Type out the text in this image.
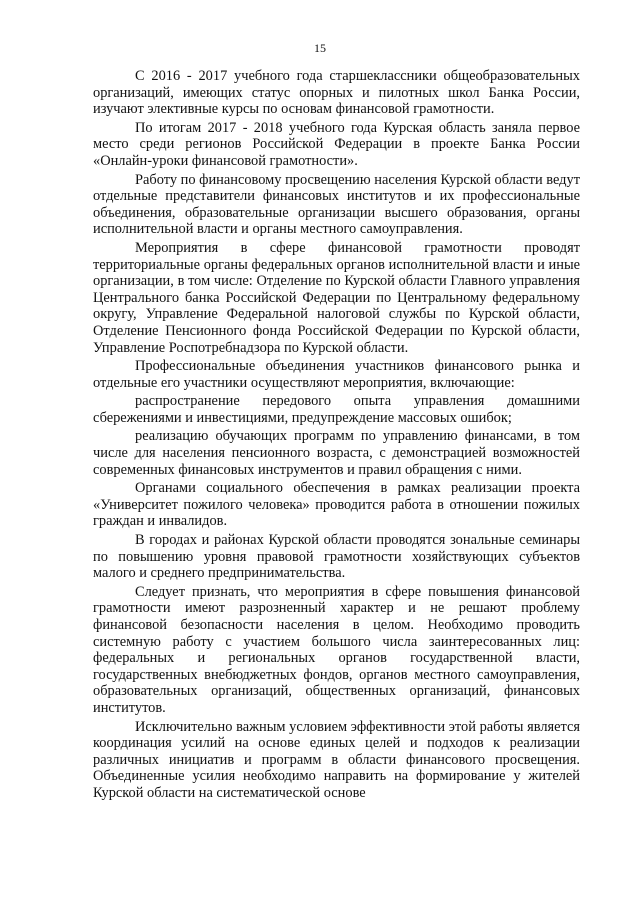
15

С 2016 - 2017 учебного года старшеклассники общеобразовательных организаций, имеющих статус опорных и пилотных школ Банка России, изучают элективные курсы по основам финансовой грамотности.

По итогам 2017 - 2018 учебного года Курская область заняла первое место среди регионов Российской Федерации в проекте Банка России «Онлайн-уроки финансовой грамотности».

Работу по финансовому просвещению населения Курской области ведут отдельные представители финансовых институтов и их профессиональные объединения, образовательные организации высшего образования, органы исполнительной власти и органы местного самоуправления.

Мероприятия в сфере финансовой грамотности проводят территориальные органы федеральных органов исполнительной власти и иные организации, в том числе: Отделение по Курской области Главного управления Центрального банка Российской Федерации по Центральному федеральному округу, Управление Федеральной налоговой службы по Курской области, Отделение Пенсионного фонда Российской Федерации по Курской области, Управление Роспотребнадзора по Курской области.

Профессиональные объединения участников финансового рынка и отдельные его участники осуществляют мероприятия, включающие:

распространение передового опыта управления домашними сбережениями и инвестициями, предупреждение массовых ошибок;

реализацию обучающих программ по управлению финансами, в том числе для населения пенсионного возраста, с демонстрацией возможностей современных финансовых инструментов и правил обращения с ними.

Органами социального обеспечения в рамках реализации проекта «Университет пожилого человека» проводится работа в отношении пожилых граждан и инвалидов.

В городах и районах Курской области проводятся зональные семинары по повышению уровня правовой грамотности хозяйствующих субъектов малого и среднего предпринимательства.

Следует признать, что мероприятия в сфере повышения финансовой грамотности имеют разрозненный характер и не решают проблему финансовой безопасности населения в целом. Необходимо проводить системную работу с участием большого числа заинтересованных лиц: федеральных и региональных органов государственной власти, государственных внебюджетных фондов, органов местного самоуправления, образовательных организаций, общественных организаций, финансовых институтов.

Исключительно важным условием эффективности этой работы является координация усилий на основе единых целей и подходов к реализации различных инициатив и программ в области финансового просвещения. Объединенные усилия необходимо направить на формирование у жителей Курской области на систематической основе
